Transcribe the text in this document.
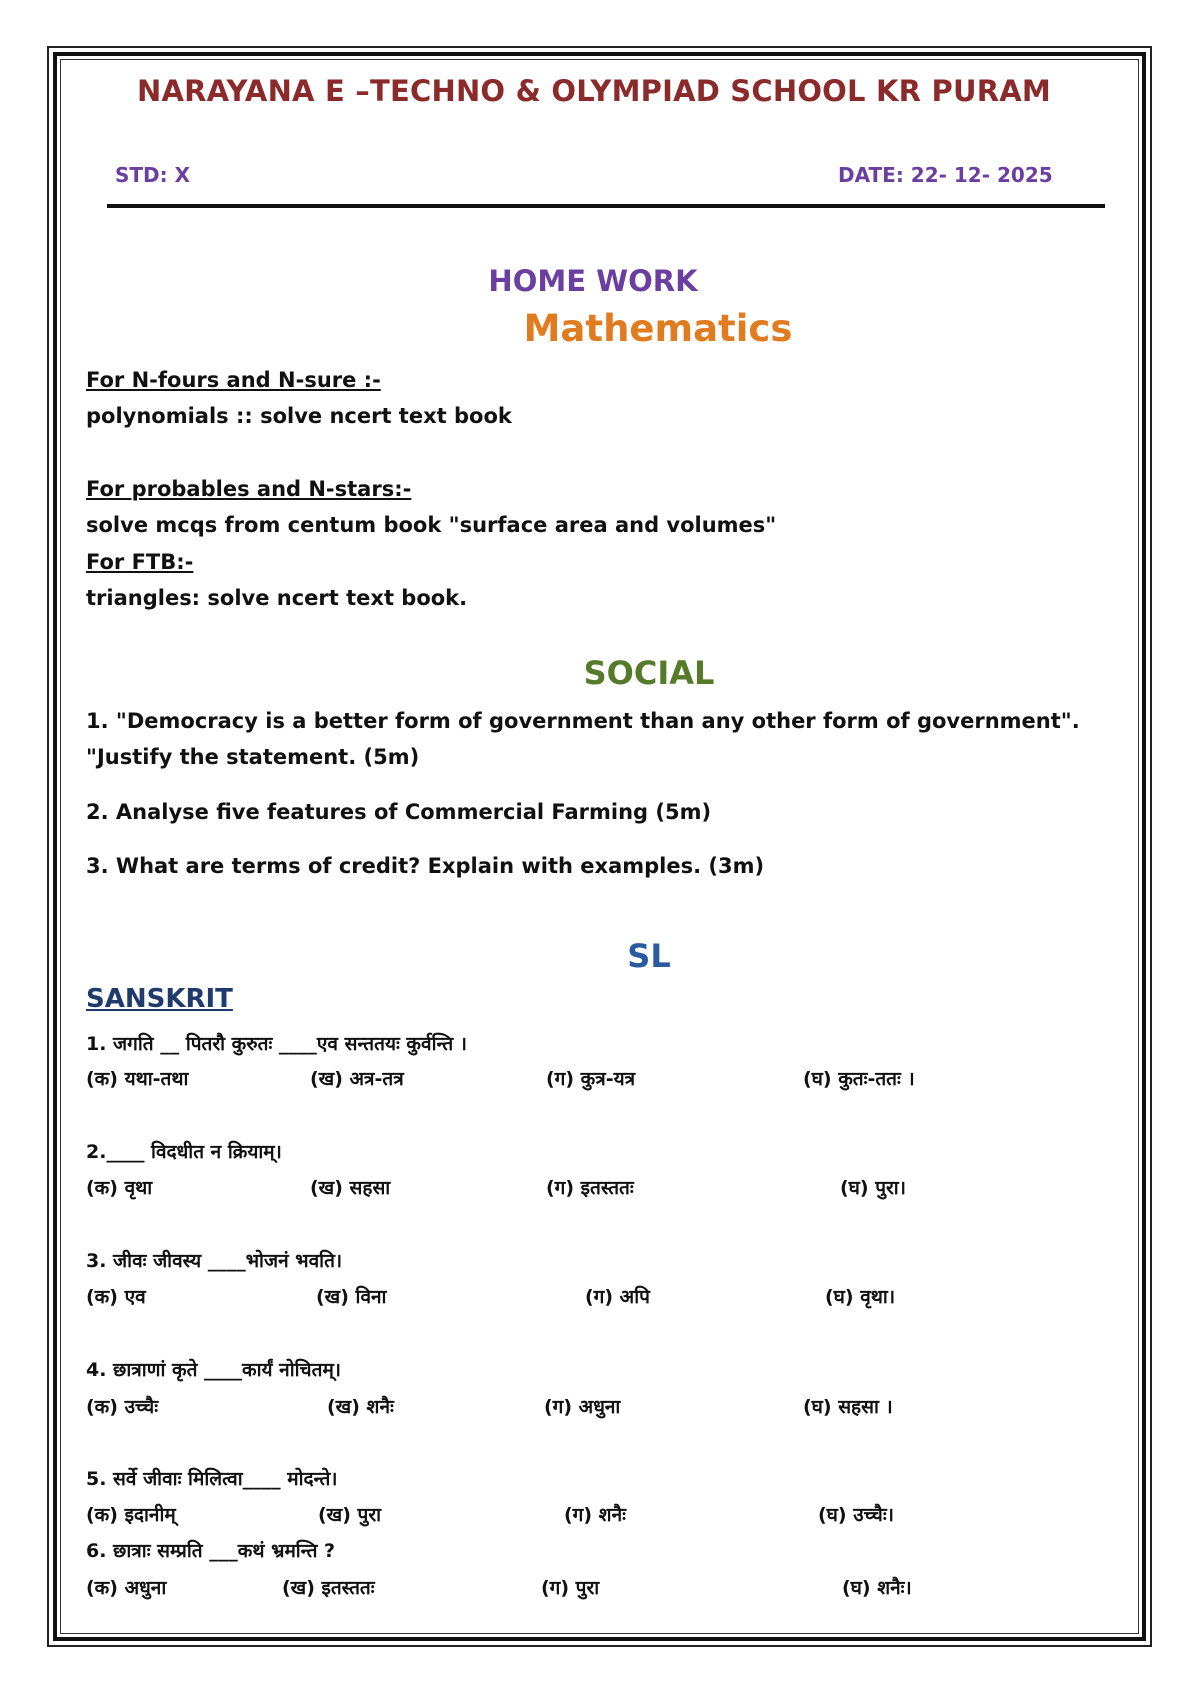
NARAYANA E –TECHNO & OLYMPIAD SCHOOL KR PURAM
STD: X	DATE: 22- 12- 2025
HOME WORK
Mathematics
For N-fours and N-sure :-
polynomials :: solve ncert text book
For probables and N-stars:-
solve mcqs from centum book "surface area and volumes"
For FTB:-
triangles: solve ncert text book.
SOCIAL
1. "Democracy is a better form of government than any other form of government".
"Justify the statement. (5m)
2. Analyse five features of Commercial Farming (5m)
3. What are terms of credit? Explain with examples. (3m)
SL
SANSKRIT
1. जगति __ पितरौ कुरुतः ____एव सन्ततयः कुर्वन्ति ।
(क) यथा-तथा	(ख) अत्र-तत्र	(ग) कुत्र-यत्र	(घ) कुतः-ततः ।
2.____ विदधीत न क्रियाम्।
(क) वृथा	(ख) सहसा	(ग) इतस्ततः	(घ) पुरा।
3. जीवः जीवस्य ____भोजनं भवति।
(क) एव	(ख) विना	(ग) अपि	(घ) वृथा।
4. छात्राणां कृते ____कार्यं नोचितम्।
(क) उच्चैः	(ख) शनैः	(ग) अधुना	(घ) सहसा ।
5. सर्वे जीवाः मिलित्वा____ मोदन्ते।
(क) इदानीम्	(ख) पुरा	(ग) शनैः	(घ) उच्चैः।
6. छात्राः सम्प्रति ___कथं भ्रमन्ति ?
(क) अधुना	(ख) इतस्ततः	(ग) पुरा	(घ) शनैः।
